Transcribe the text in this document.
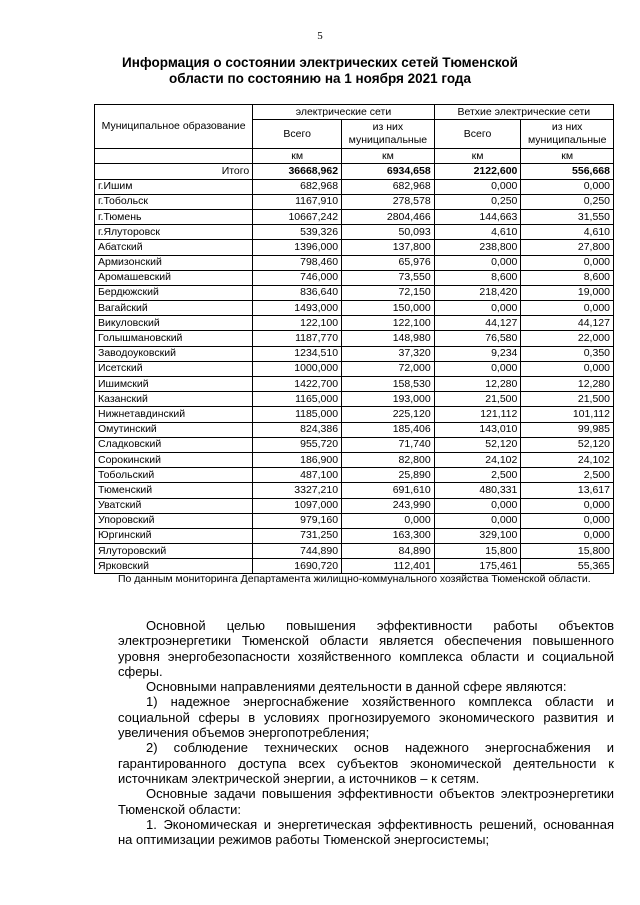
5
Информация о состоянии электрических сетей Тюменской области по состоянию на 1 ноября 2021 года
Муниципальное образование	электрические сети		Ветхие электрические сети	
	Всего	из них муниципальные	Всего	из них муниципальные
	км	км	км	км
Итого	36668,962	6934,658	2122,600	556,668
г.Ишим	682,968	682,968	0,000	0,000
г.Тобольск	1167,910	278,578	0,250	0,250
г.Тюмень	10667,242	2804,466	144,663	31,550
г.Ялуторовск	539,326	50,093	4,610	4,610
Абатский	1396,000	137,800	238,800	27,800
Армизонский	798,460	65,976	0,000	0,000
Аромашевский	746,000	73,550	8,600	8,600
Бердюжский	836,640	72,150	218,420	19,000
Вагайский	1493,000	150,000	0,000	0,000
Викуловский	122,100	122,100	44,127	44,127
Голышмановский	1187,770	148,980	76,580	22,000
Заводоуковский	1234,510	37,320	9,234	0,350
Исетский	1000,000	72,000	0,000	0,000
Ишимский	1422,700	158,530	12,280	12,280
Казанский	1165,000	193,000	21,500	21,500
Нижнетавдинский	1185,000	225,120	121,112	101,112
Омутинский	824,386	185,406	143,010	99,985
Сладковский	955,720	71,740	52,120	52,120
Сорокинский	186,900	82,800	24,102	24,102
Тобольский	487,100	25,890	2,500	2,500
Тюменский	3327,210	691,610	480,331	13,617
Уватский	1097,000	243,990	0,000	0,000
Упоровский	979,160	0,000	0,000	0,000
Юргинский	731,250	163,300	329,100	0,000
Ялуторовский	744,890	84,890	15,800	15,800
Ярковский	1690,720	112,401	175,461	55,365
По данным мониторинга Департамента жилищно-коммунального хозяйства Тюменской области.

Основной целью повышения эффективности работы объектов электроэнергетики Тюменской области является обеспечения повышенного уровня энергобезопасности хозяйственного комплекса области и социальной сферы.

Основными направлениями деятельности в данной сфере являются:

1) надежное энергоснабжение хозяйственного комплекса области и социальной сферы в условиях прогнозируемого экономического развития и увеличения объемов энергопотребления;

2) соблюдение технических основ надежного энергоснабжения и гарантированного доступа всех субъектов экономической деятельности к источникам электрической энергии, а источников – к сетям.

Основные задачи повышения эффективности объектов электроэнергетики Тюменской области:

1. Экономическая и энергетическая эффективность решений, основанная на оптимизации режимов работы Тюменской энергосистемы;
